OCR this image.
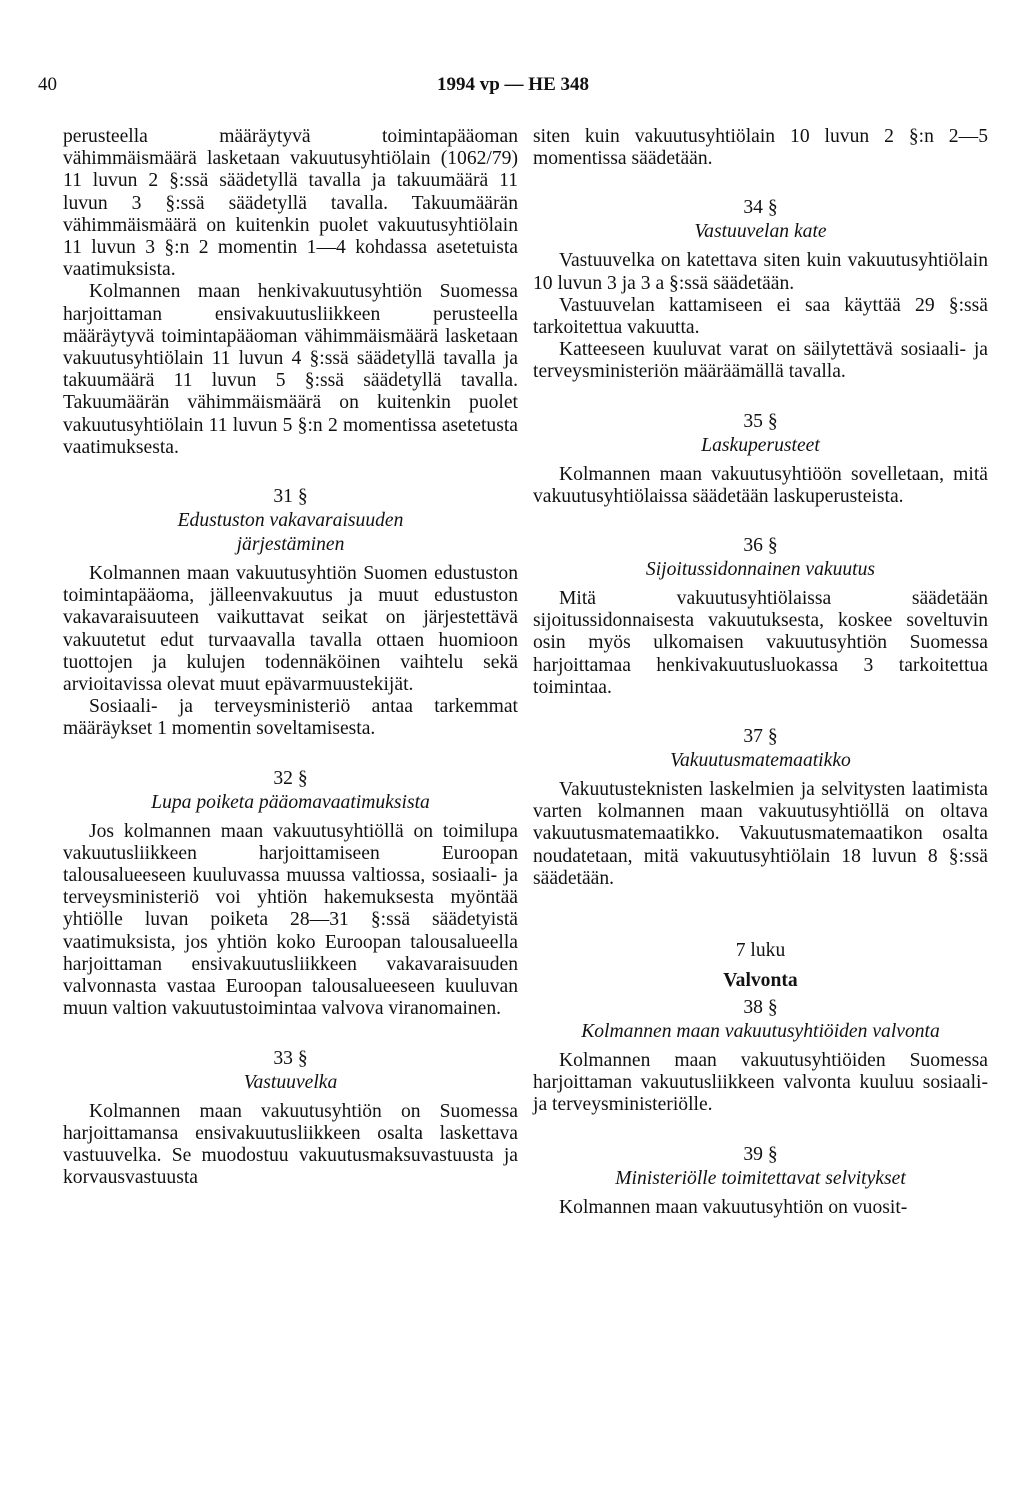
40	1994 vp — HE 348

perusteella määräytyvä toimintapääoman vähimmäismäärä lasketaan vakuutusyhtiölain (1062/79) 11 luvun 2 §:ssä säädetyllä tavalla ja takuumäärä 11 luvun 3 §:ssä säädetyllä tavalla. Takuumäärän vähimmäismäärä on kuitenkin puolet vakuutusyhtiölain 11 luvun 3 §:n 2 momentin 1—4 kohdassa asetetuista vaatimuksista.

Kolmannen maan henkivakuutusyhtiön Suomessa harjoittaman ensivakuutusliikkeen perusteella määräytyvä toimintapääoman vähimmäismäärä lasketaan vakuutusyhtiölain 11 luvun 4 §:ssä säädetyllä tavalla ja takuumäärä 11 luvun 5 §:ssä säädetyllä tavalla. Takuumäärän vähimmäismäärä on kuitenkin puolet vakuutusyhtiölain 11 luvun 5 §:n 2 momentissa asetetusta vaatimuksesta.

31 §
Edustuston vakavaraisuuden
järjestäminen

Kolmannen maan vakuutusyhtiön Suomen edustuston toimintapääoma, jälleenvakuutus ja muut edustuston vakavaraisuuteen vaikuttavat seikat on järjestettävä vakuutetut edut turvaavalla tavalla ottaen huomioon tuottojen ja kulujen todennäköinen vaihtelu sekä arvioitavissa olevat muut epävarmuustekijät.

Sosiaali- ja terveysministeriö antaa tarkemmat määräykset 1 momentin soveltamisesta.

32 §
Lupa poiketa pääomavaatimuksista

Jos kolmannen maan vakuutusyhtiöllä on toimilupa vakuutusliikkeen harjoittamiseen Euroopan talousalueeseen kuuluvassa muussa valtiossa, sosiaali- ja terveysministeriö voi yhtiön hakemuksesta myöntää yhtiölle luvan poiketa 28—31 §:ssä säädetyistä vaatimuksista, jos yhtiön koko Euroopan talousalueella harjoittaman ensivakuutusliikkeen vakavaraisuuden valvonnasta vastaa Euroopan talousalueeseen kuuluvan muun valtion vakuutustoimintaa valvova viranomainen.

33 §
Vastuuvelka

Kolmannen maan vakuutusyhtiön on Suomessa harjoittamansa ensivakuutusliikkeen osalta laskettava vastuuvelka. Se muodostuu vakuutusmaksuvastuusta ja korvausvastuusta

siten kuin vakuutusyhtiölain 10 luvun 2 §:n 2—5 momentissa säädetään.

34 §
Vastuuvelan kate

Vastuuvelka on katettava siten kuin vakuutusyhtiölain 10 luvun 3 ja 3 a §:ssä säädetään.

Vastuuvelan kattamiseen ei saa käyttää 29 §:ssä tarkoitettua vakuutta.

Katteeseen kuuluvat varat on säilytettävä sosiaali- ja terveysministeriön määräämällä tavalla.

35 §
Laskuperusteet

Kolmannen maan vakuutusyhtiöön sovelletaan, mitä vakuutusyhtiölaissa säädetään laskuperusteista.

36 §
Sijoitussidonnainen vakuutus

Mitä vakuutusyhtiölaissa säädetään sijoitussidonnaisesta vakuutuksesta, koskee soveltuvin osin myös ulkomaisen vakuutusyhtiön Suomessa harjoittamaa henkivakuutusluokassa 3 tarkoitettua toimintaa.

37 §
Vakuutusmatemaatikko

Vakuutusteknisten laskelmien ja selvitysten laatimista varten kolmannen maan vakuutusyhtiöllä on oltava vakuutusmatemaatikko. Vakuutusmatemaatikon osalta noudatetaan, mitä vakuutusyhtiölain 18 luvun 8 §:ssä säädetään.

7 luku
Valvonta
38 §
Kolmannen maan vakuutusyhtiöiden valvonta

Kolmannen maan vakuutusyhtiöiden Suomessa harjoittaman vakuutusliikkeen valvonta kuuluu sosiaali- ja terveysministeriölle.

39 §
Ministeriölle toimitettavat selvitykset

Kolmannen maan vakuutusyhtiön on vuosit-
